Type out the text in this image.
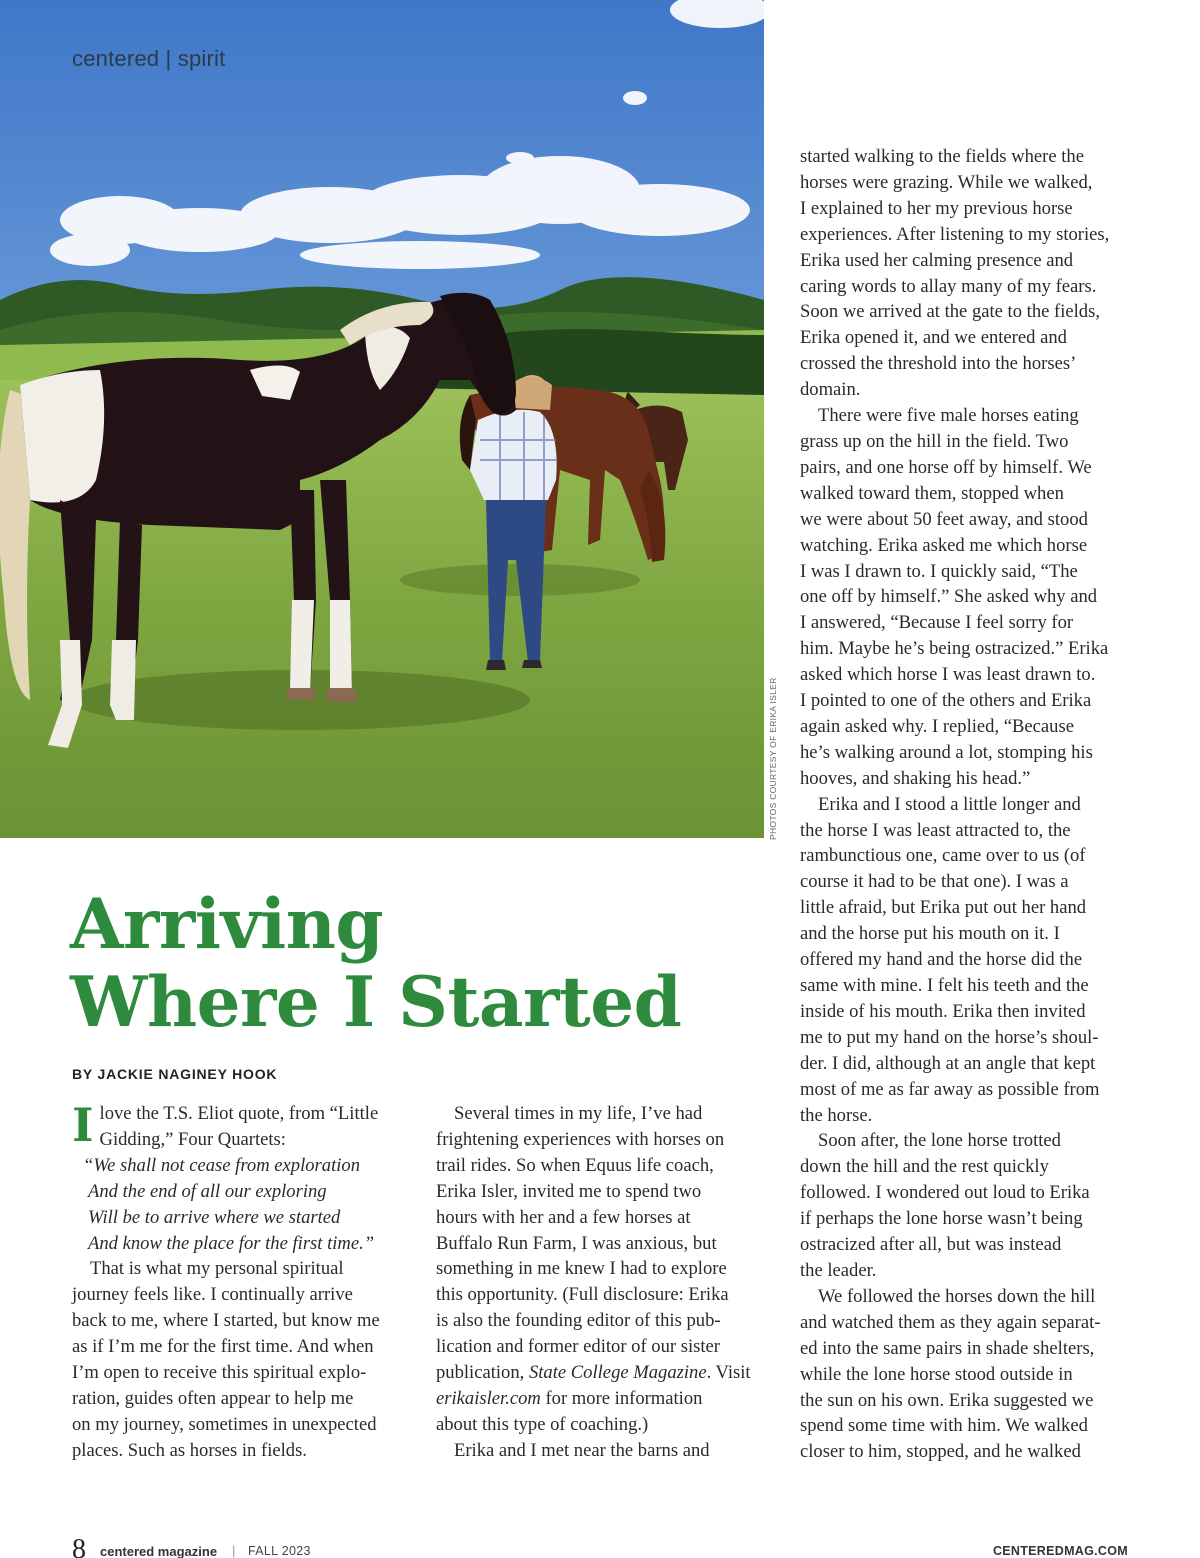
centered | spirit
PHOTOS COURTESY OF ERIKA ISLER
Arriving
Where I Started
BY JACKIE NAGINEY HOOK
I love the T.S. Eliot quote, from “Little
Gidding,” Four Quartets:
“We shall not cease from exploration
And the end of all our exploring
Will be to arrive where we started
And know the place for the first time.”
That is what my personal spiritual
journey feels like. I continually arrive
back to me, where I started, but know me
as if I’m me for the first time. And when
I’m open to receive this spiritual explo-
ration, guides often appear to help me
on my journey, sometimes in unexpected
places. Such as horses in fields.
Several times in my life, I’ve had
frightening experiences with horses on
trail rides. So when Equus life coach,
Erika Isler, invited me to spend two
hours with her and a few horses at
Buffalo Run Farm, I was anxious, but
something in me knew I had to explore
this opportunity. (Full disclosure: Erika
is also the founding editor of this pub-
lication and former editor of our sister
publication, State College Magazine. Visit
erikaisler.com for more information
about this type of coaching.)
Erika and I met near the barns and
started walking to the fields where the
horses were grazing. While we walked,
I explained to her my previous horse
experiences. After listening to my stories,
Erika used her calming presence and
caring words to allay many of my fears.
Soon we arrived at the gate to the fields,
Erika opened it, and we entered and
crossed the threshold into the horses’
domain.
There were five male horses eating
grass up on the hill in the field. Two
pairs, and one horse off by himself. We
walked toward them, stopped when
we were about 50 feet away, and stood
watching. Erika asked me which horse
I was I drawn to. I quickly said, “The
one off by himself.” She asked why and
I answered, “Because I feel sorry for
him. Maybe he’s being ostracized.” Erika
asked which horse I was least drawn to.
I pointed to one of the others and Erika
again asked why. I replied, “Because
he’s walking around a lot, stomping his
hooves, and shaking his head.”
Erika and I stood a little longer and
the horse I was least attracted to, the
rambunctious one, came over to us (of
course it had to be that one). I was a
little afraid, but Erika put out her hand
and the horse put his mouth on it. I
offered my hand and the horse did the
same with mine. I felt his teeth and the
inside of his mouth. Erika then invited
me to put my hand on the horse’s shoul-
der. I did, although at an angle that kept
most of me as far away as possible from
the horse.
Soon after, the lone horse trotted
down the hill and the rest quickly
followed. I wondered out loud to Erika
if perhaps the lone horse wasn’t being
ostracized after all, but was instead
the leader.
We followed the horses down the hill
and watched them as they again separat-
ed into the same pairs in shade shelters,
while the lone horse stood outside in
the sun on his own. Erika suggested we
spend some time with him. We walked
closer to him, stopped, and he walked
8 centered magazine | FALL 2023	CENTEREDMAG.COM
